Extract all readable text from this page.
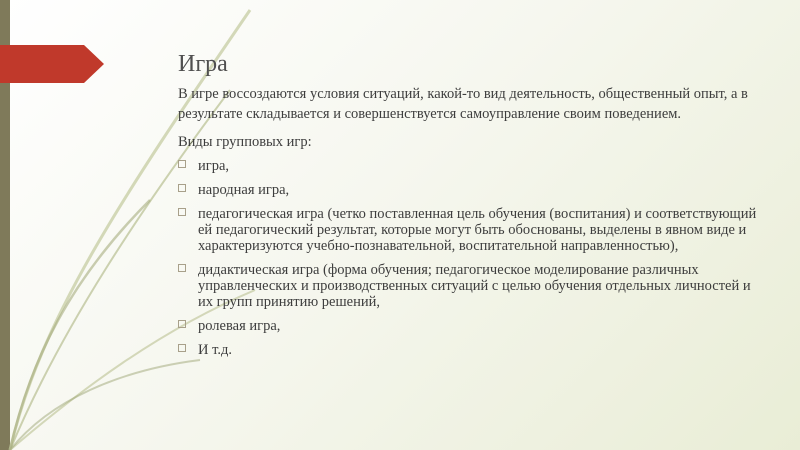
Игра
В игре воссоздаются условия ситуаций, какой-то вид деятельность, общественный опыт, а в результате складывается и совершенствуется самоуправление своим поведением.
Виды групповых игр:
игра,
народная игра,
педагогическая игра (четко поставленная цель обучения (воспитания) и соответствующий ей педагогический результат, которые могут быть обоснованы, выделены в явном виде и характеризуются учебно-познавательной, воспитательной направленностью),
дидактическая игра (форма обучения; педагогическое моделирование различных управленческих и производственных ситуаций с целью обучения отдельных личностей и их групп принятию решений,
ролевая игра,
И т.д.
